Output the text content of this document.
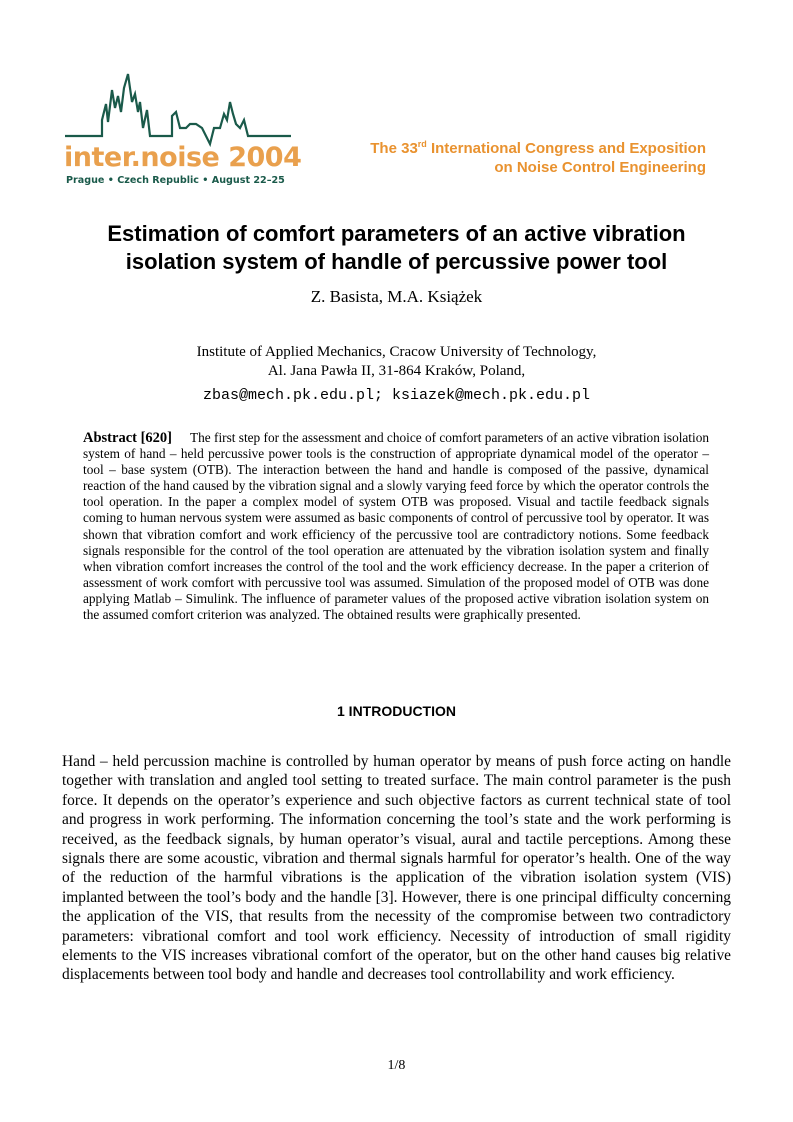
inter.noise 2004
Prague • Czech Republic • August 22–25
The 33rd International Congress and Exposition
on Noise Control Engineering
Estimation of comfort parameters of an active vibration
isolation system of handle of percussive power tool
Z. Basista, M.A. Książek
Institute of Applied Mechanics, Cracow University of Technology,
Al. Jana Pawła II, 31-864 Kraków, Poland,
zbas@mech.pk.edu.pl; ksiazek@mech.pk.edu.pl
Abstract [620] The first step for the assessment and choice of comfort parameters of an active vibration isolation system of hand – held percussive power tools is the construction of appropriate dynamical model of the operator – tool – base system (OTB). The interaction between the hand and handle is composed of the passive, dynamical reaction of the hand caused by the vibration signal and a slowly varying feed force by which the operator controls the tool operation. In the paper a complex model of system OTB was proposed. Visual and tactile feedback signals coming to human nervous system were assumed as basic components of control of percussive tool by operator. It was shown that vibration comfort and work efficiency of the percussive tool are contradictory notions. Some feedback signals responsible for the control of the tool operation are attenuated by the vibration isolation system and finally when vibration comfort increases the control of the tool and the work efficiency decrease. In the paper a criterion of assessment of work comfort with percussive tool was assumed. Simulation of the proposed model of OTB was done applying Matlab – Simulink. The influence of parameter values of the proposed active vibration isolation system on the assumed comfort criterion was analyzed. The obtained results were graphically presented.
1 INTRODUCTION
Hand – held percussion machine is controlled by human operator by means of push force acting on handle together with translation and angled tool setting to treated surface. The main control parameter is the push force. It depends on the operator’s experience and such objective factors as current technical state of tool and progress in work performing. The information concerning the tool’s state and the work performing is received, as the feedback signals, by human operator’s visual, aural and tactile perceptions. Among these signals there are some acoustic, vibration and thermal signals harmful for operator’s health. One of the way of the reduction of the harmful vibrations is the application of the vibration isolation system (VIS) implanted between the tool’s body and the handle [3]. However, there is one principal difficulty concerning the application of the VIS, that results from the necessity of the compromise between two contradictory parameters: vibrational comfort and tool work efficiency. Necessity of introduction of small rigidity elements to the VIS increases vibrational comfort of the operator, but on the other hand causes big relative displacements between tool body and handle and decreases tool controllability and work efficiency.
1/8
